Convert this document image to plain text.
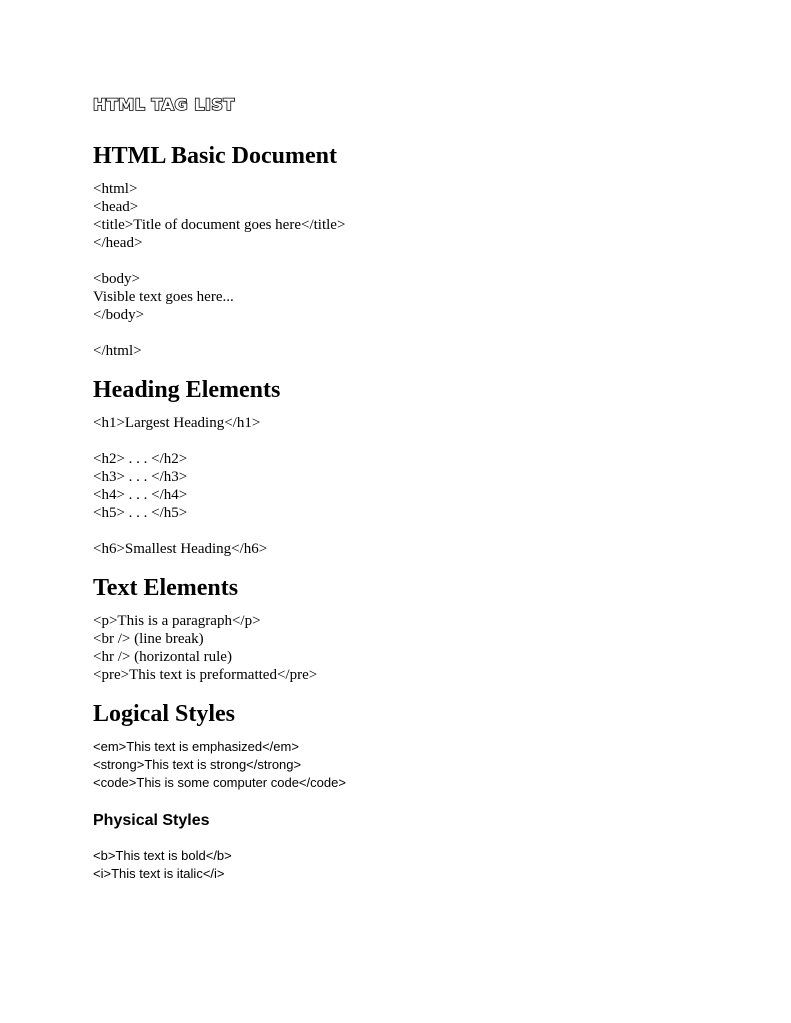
HTML TAG LIST
HTML Basic Document
<html>
<head>
<title>Title of document goes here</title>
</head>
<body>
Visible text goes here...
</body>
</html>
Heading Elements
<h1>Largest Heading</h1>
<h2> . . . </h2>
<h3> . . . </h3>
<h4> . . . </h4>
<h5> . . . </h5>
<h6>Smallest Heading</h6>
Text Elements
<p>This is a paragraph</p>
<br /> (line break)
<hr /> (horizontal rule)
<pre>This text is preformatted</pre>
Logical Styles
<em>This text is emphasized</em>
<strong>This text is strong</strong>
<code>This is some computer code</code>
Physical Styles
<b>This text is bold</b>
<i>This text is italic</i>
